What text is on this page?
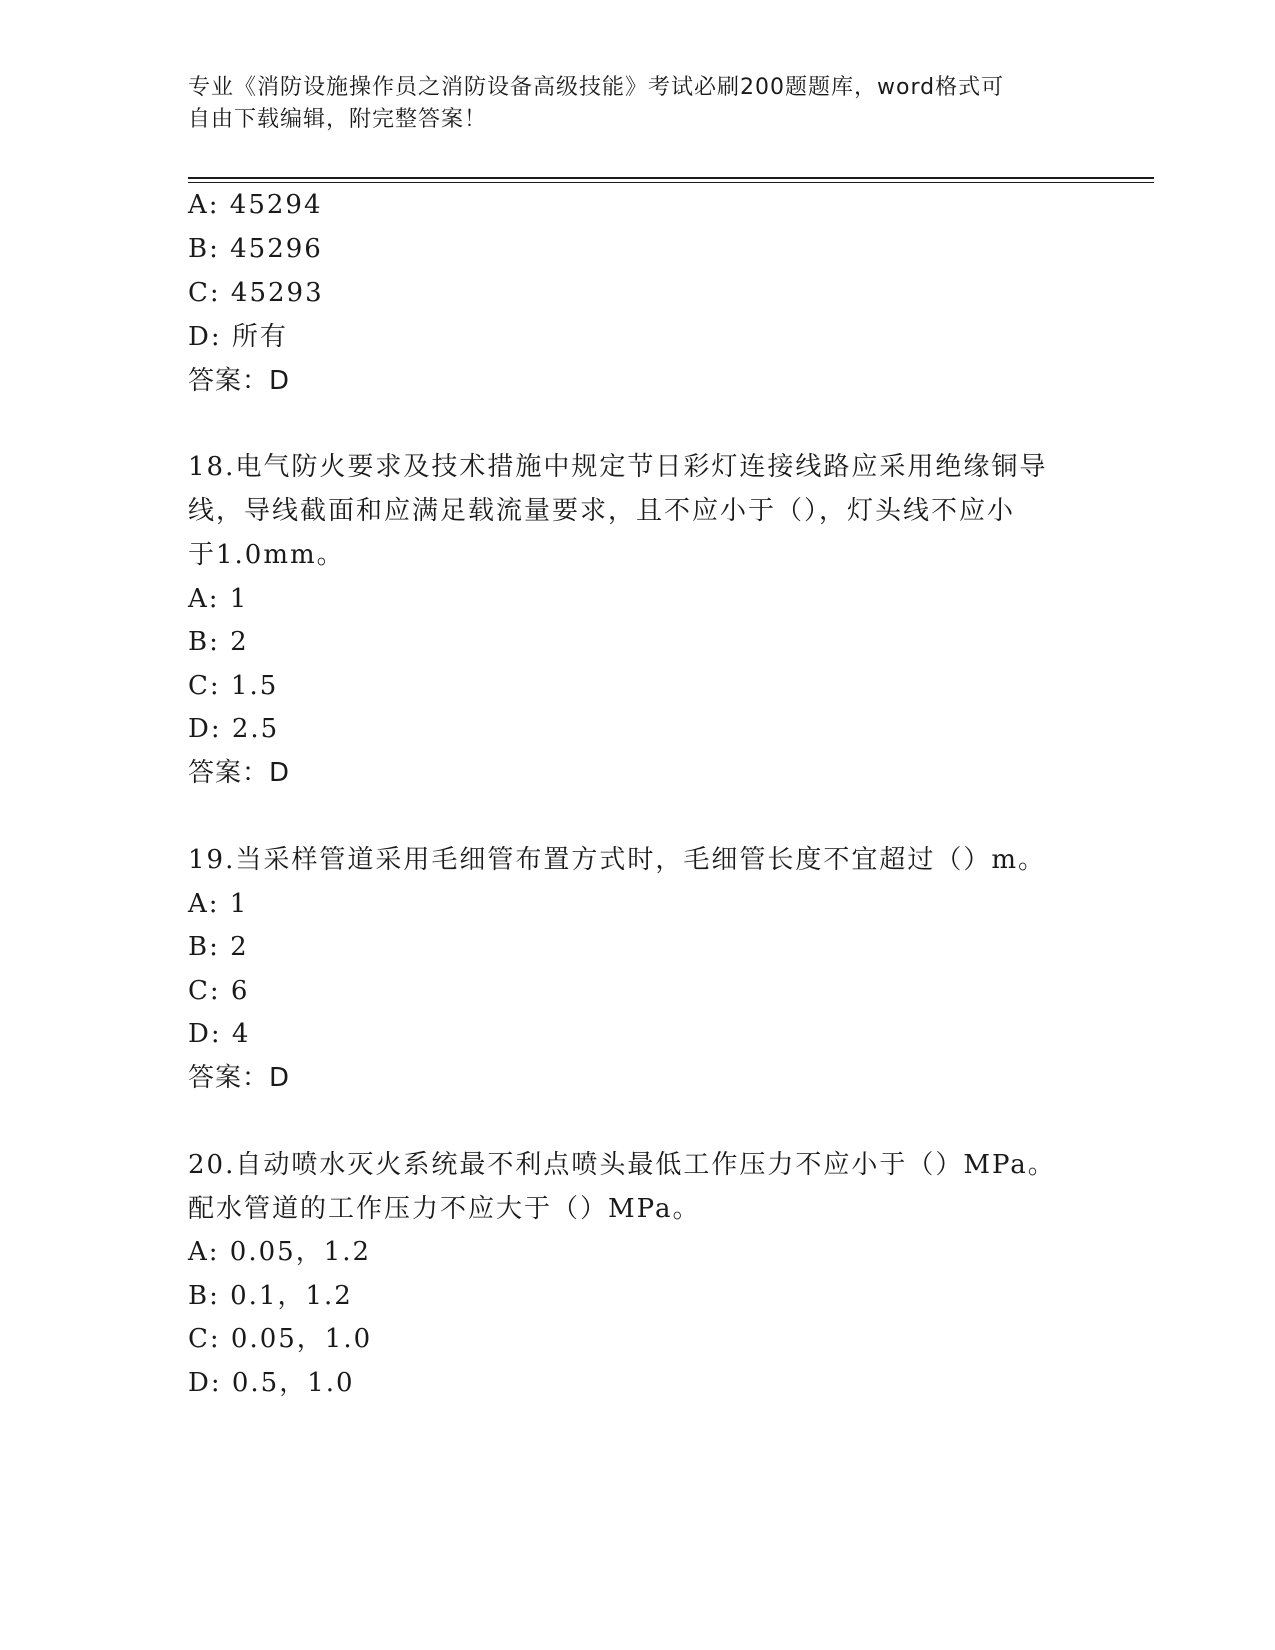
专业《消防设施操作员之消防设备高级技能》考试必刷200题题库，word格式可
自由下载编辑，附完整答案！
A: 45294
B: 45296
C: 45293
D: 所有
答案：D
18.电气防火要求及技术措施中规定节日彩灯连接线路应采用绝缘铜导
线，导线截面和应满足载流量要求，且不应小于（），灯头线不应小
于1.0mm。
A: 1
B: 2
C: 1.5
D: 2.5
答案：D
19.当采样管道采用毛细管布置方式时，毛细管长度不宜超过（）m。
A: 1
B: 2
C: 6
D: 4
答案：D
20.自动喷水灭火系统最不利点喷头最低工作压力不应小于（）MPa。
配水管道的工作压力不应大于（）MPa。
A: 0.05，1.2
B: 0.1，1.2
C: 0.05，1.0
D: 0.5，1.0
